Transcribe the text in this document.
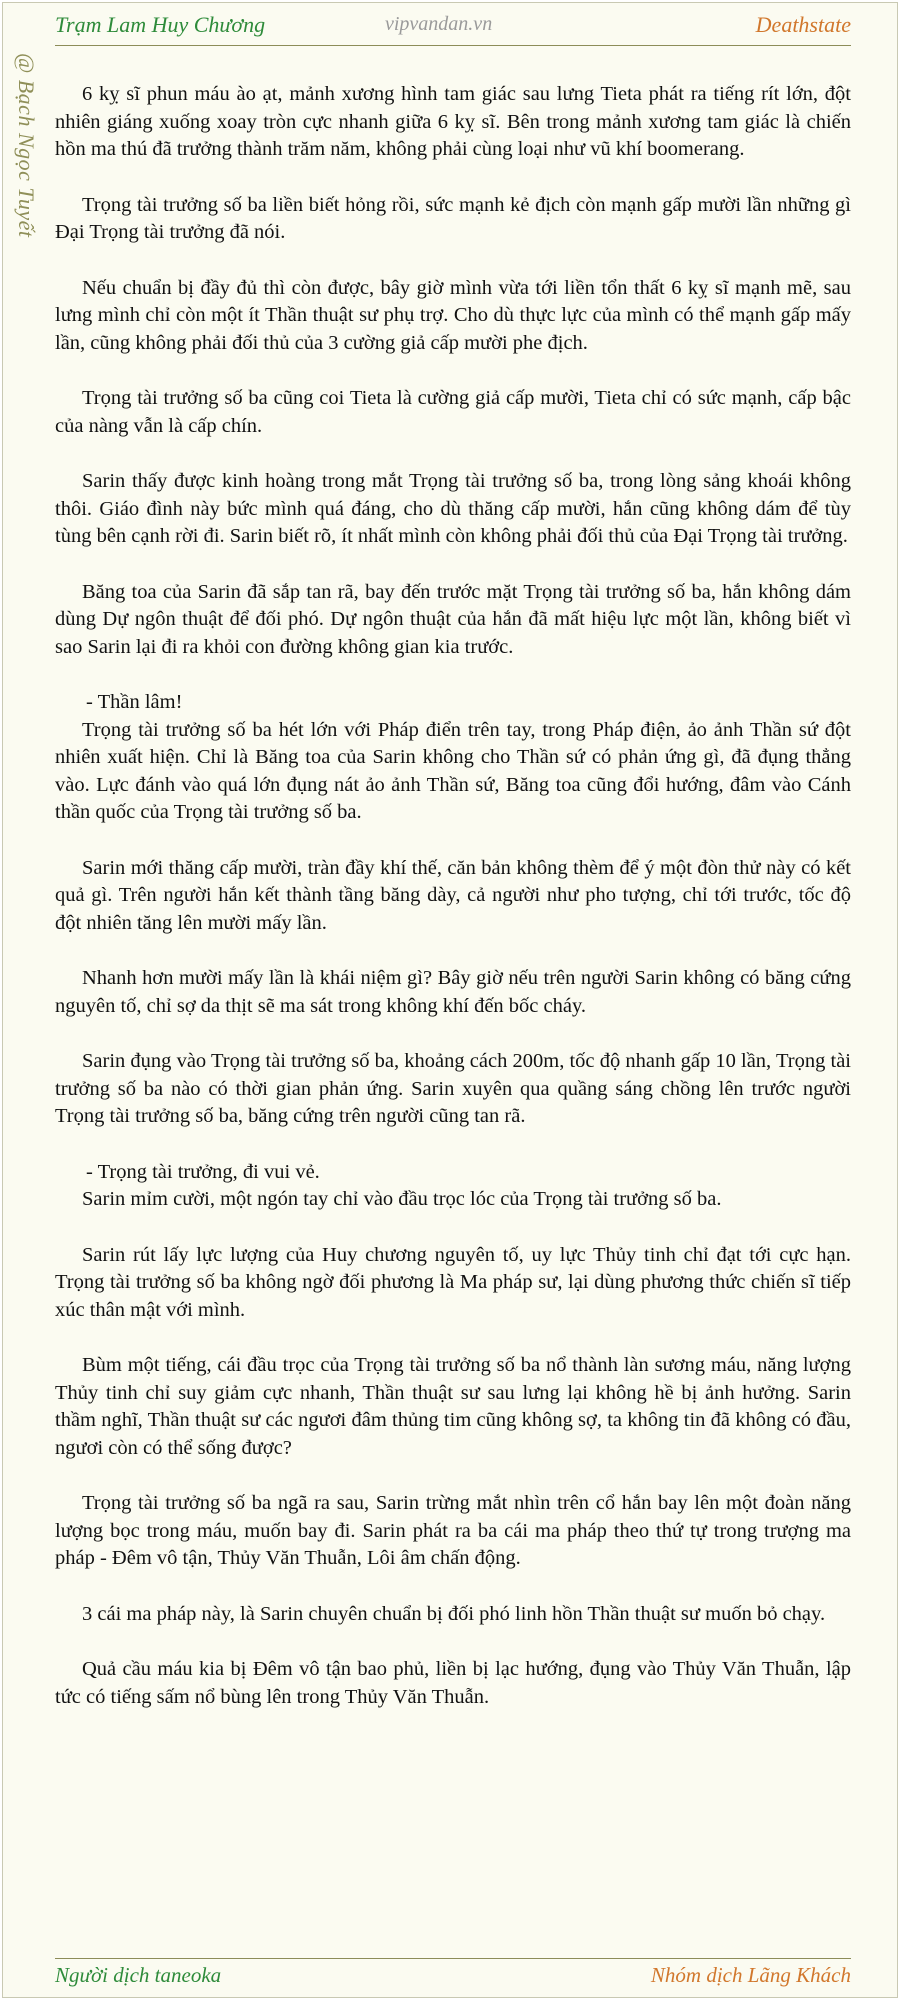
Trạm Lam Huy Chương	vipvandan.vn	Deathstate
@ Bạch Ngọc Tuyết	6 kỵ sĩ phun máu ào ạt, mảnh xương hình tam giác sau lưng Tieta phát ra tiếng rít lớn, đột nhiên giáng xuống xoay tròn cực nhanh giữa 6 kỵ sĩ. Bên trong mảnh xương tam giác là chiến hồn ma thú đã trưởng thành trăm năm, không phải cùng loại như vũ khí boomerang.

Trọng tài trưởng số ba liền biết hỏng rồi, sức mạnh kẻ địch còn mạnh gấp mười lần những gì Đại Trọng tài trưởng đã nói.

Nếu chuẩn bị đầy đủ thì còn được, bây giờ mình vừa tới liền tổn thất 6 kỵ sĩ mạnh mẽ, sau lưng mình chỉ còn một ít Thần thuật sư phụ trợ. Cho dù thực lực của mình có thể mạnh gấp mấy lần, cũng không phải đối thủ của 3 cường giả cấp mười phe địch.

Trọng tài trưởng số ba cũng coi Tieta là cường giả cấp mười, Tieta chỉ có sức mạnh, cấp bậc của nàng vẫn là cấp chín.

Sarin thấy được kinh hoàng trong mắt Trọng tài trưởng số ba, trong lòng sảng khoái không thôi. Giáo đình này bức mình quá đáng, cho dù thăng cấp mười, hắn cũng không dám để tùy tùng bên cạnh rời đi. Sarin biết rõ, ít nhất mình còn không phải đối thủ của Đại Trọng tài trưởng.

Băng toa của Sarin đã sắp tan rã, bay đến trước mặt Trọng tài trưởng số ba, hắn không dám dùng Dự ngôn thuật để đối phó. Dự ngôn thuật của hắn đã mất hiệu lực một lần, không biết vì sao Sarin lại đi ra khỏi con đường không gian kia trước.

- Thần lâm!

Trọng tài trưởng số ba hét lớn với Pháp điển trên tay, trong Pháp điện, ảo ảnh Thần sứ đột nhiên xuất hiện. Chỉ là Băng toa của Sarin không cho Thần sứ có phản ứng gì, đã đụng thẳng vào. Lực đánh vào quá lớn đụng nát ảo ảnh Thần sứ, Băng toa cũng đổi hướng, đâm vào Cánh thần quốc của Trọng tài trưởng số ba.

Sarin mới thăng cấp mười, tràn đầy khí thế, căn bản không thèm để ý một đòn thử này có kết quả gì. Trên người hắn kết thành tầng băng dày, cả người như pho tượng, chỉ tới trước, tốc độ đột nhiên tăng lên mười mấy lần.

Nhanh hơn mười mấy lần là khái niệm gì? Bây giờ nếu trên người Sarin không có băng cứng nguyên tố, chỉ sợ da thịt sẽ ma sát trong không khí đến bốc cháy.

Sarin đụng vào Trọng tài trưởng số ba, khoảng cách 200m, tốc độ nhanh gấp 10 lần, Trọng tài trưởng số ba nào có thời gian phản ứng. Sarin xuyên qua quầng sáng chồng lên trước người Trọng tài trưởng số ba, băng cứng trên người cũng tan rã.

- Trọng tài trưởng, đi vui vẻ.

Sarin mỉm cười, một ngón tay chỉ vào đầu trọc lóc của Trọng tài trưởng số ba.

Sarin rút lấy lực lượng của Huy chương nguyên tố, uy lực Thủy tinh chỉ đạt tới cực hạn. Trọng tài trưởng số ba không ngờ đối phương là Ma pháp sư, lại dùng phương thức chiến sĩ tiếp xúc thân mật với mình.

Bùm một tiếng, cái đầu trọc của Trọng tài trưởng số ba nổ thành làn sương máu, năng lượng Thủy tinh chỉ suy giảm cực nhanh, Thần thuật sư sau lưng lại không hề bị ảnh hưởng. Sarin thầm nghĩ, Thần thuật sư các ngươi đâm thủng tim cũng không sợ, ta không tin đã không có đầu, ngươi còn có thể sống được?

Trọng tài trưởng số ba ngã ra sau, Sarin trừng mắt nhìn trên cổ hắn bay lên một đoàn năng lượng bọc trong máu, muốn bay đi. Sarin phát ra ba cái ma pháp theo thứ tự trong trượng ma pháp - Đêm vô tận, Thủy Văn Thuẫn, Lôi âm chấn động.

3 cái ma pháp này, là Sarin chuyên chuẩn bị đối phó linh hồn Thần thuật sư muốn bỏ chạy.

Quả cầu máu kia bị Đêm vô tận bao phủ, liền bị lạc hướng, đụng vào Thủy Văn Thuẫn, lập tức có tiếng sấm nổ bùng lên trong Thủy Văn Thuẫn.

Người dịch taneoka	Nhóm dịch Lãng Khách
